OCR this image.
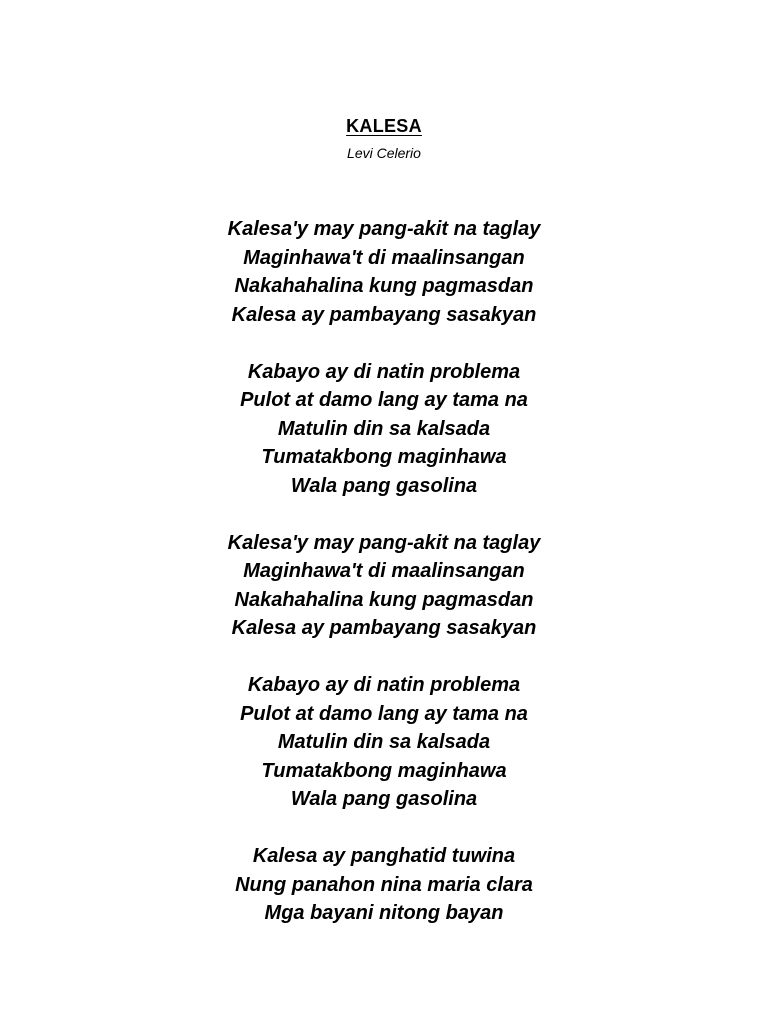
KALESA
Levi Celerio
Kalesa'y may pang-akit na taglay
Maginhawa't di maalinsangan
Nakahahalina kung pagmasdan
Kalesa ay pambayang sasakyan
Kabayo ay di natin problema
Pulot at damo lang ay tama na
Matulin din sa kalsada
Tumatakbong maginhawa
Wala pang gasolina
Kalesa'y may pang-akit na taglay
Maginhawa't di maalinsangan
Nakahahalina kung pagmasdan
Kalesa ay pambayang sasakyan
Kabayo ay di natin problema
Pulot at damo lang ay tama na
Matulin din sa kalsada
Tumatakbong maginhawa
Wala pang gasolina
Kalesa ay panghatid tuwina
Nung panahon nina maria clara
Mga bayani nitong bayan
